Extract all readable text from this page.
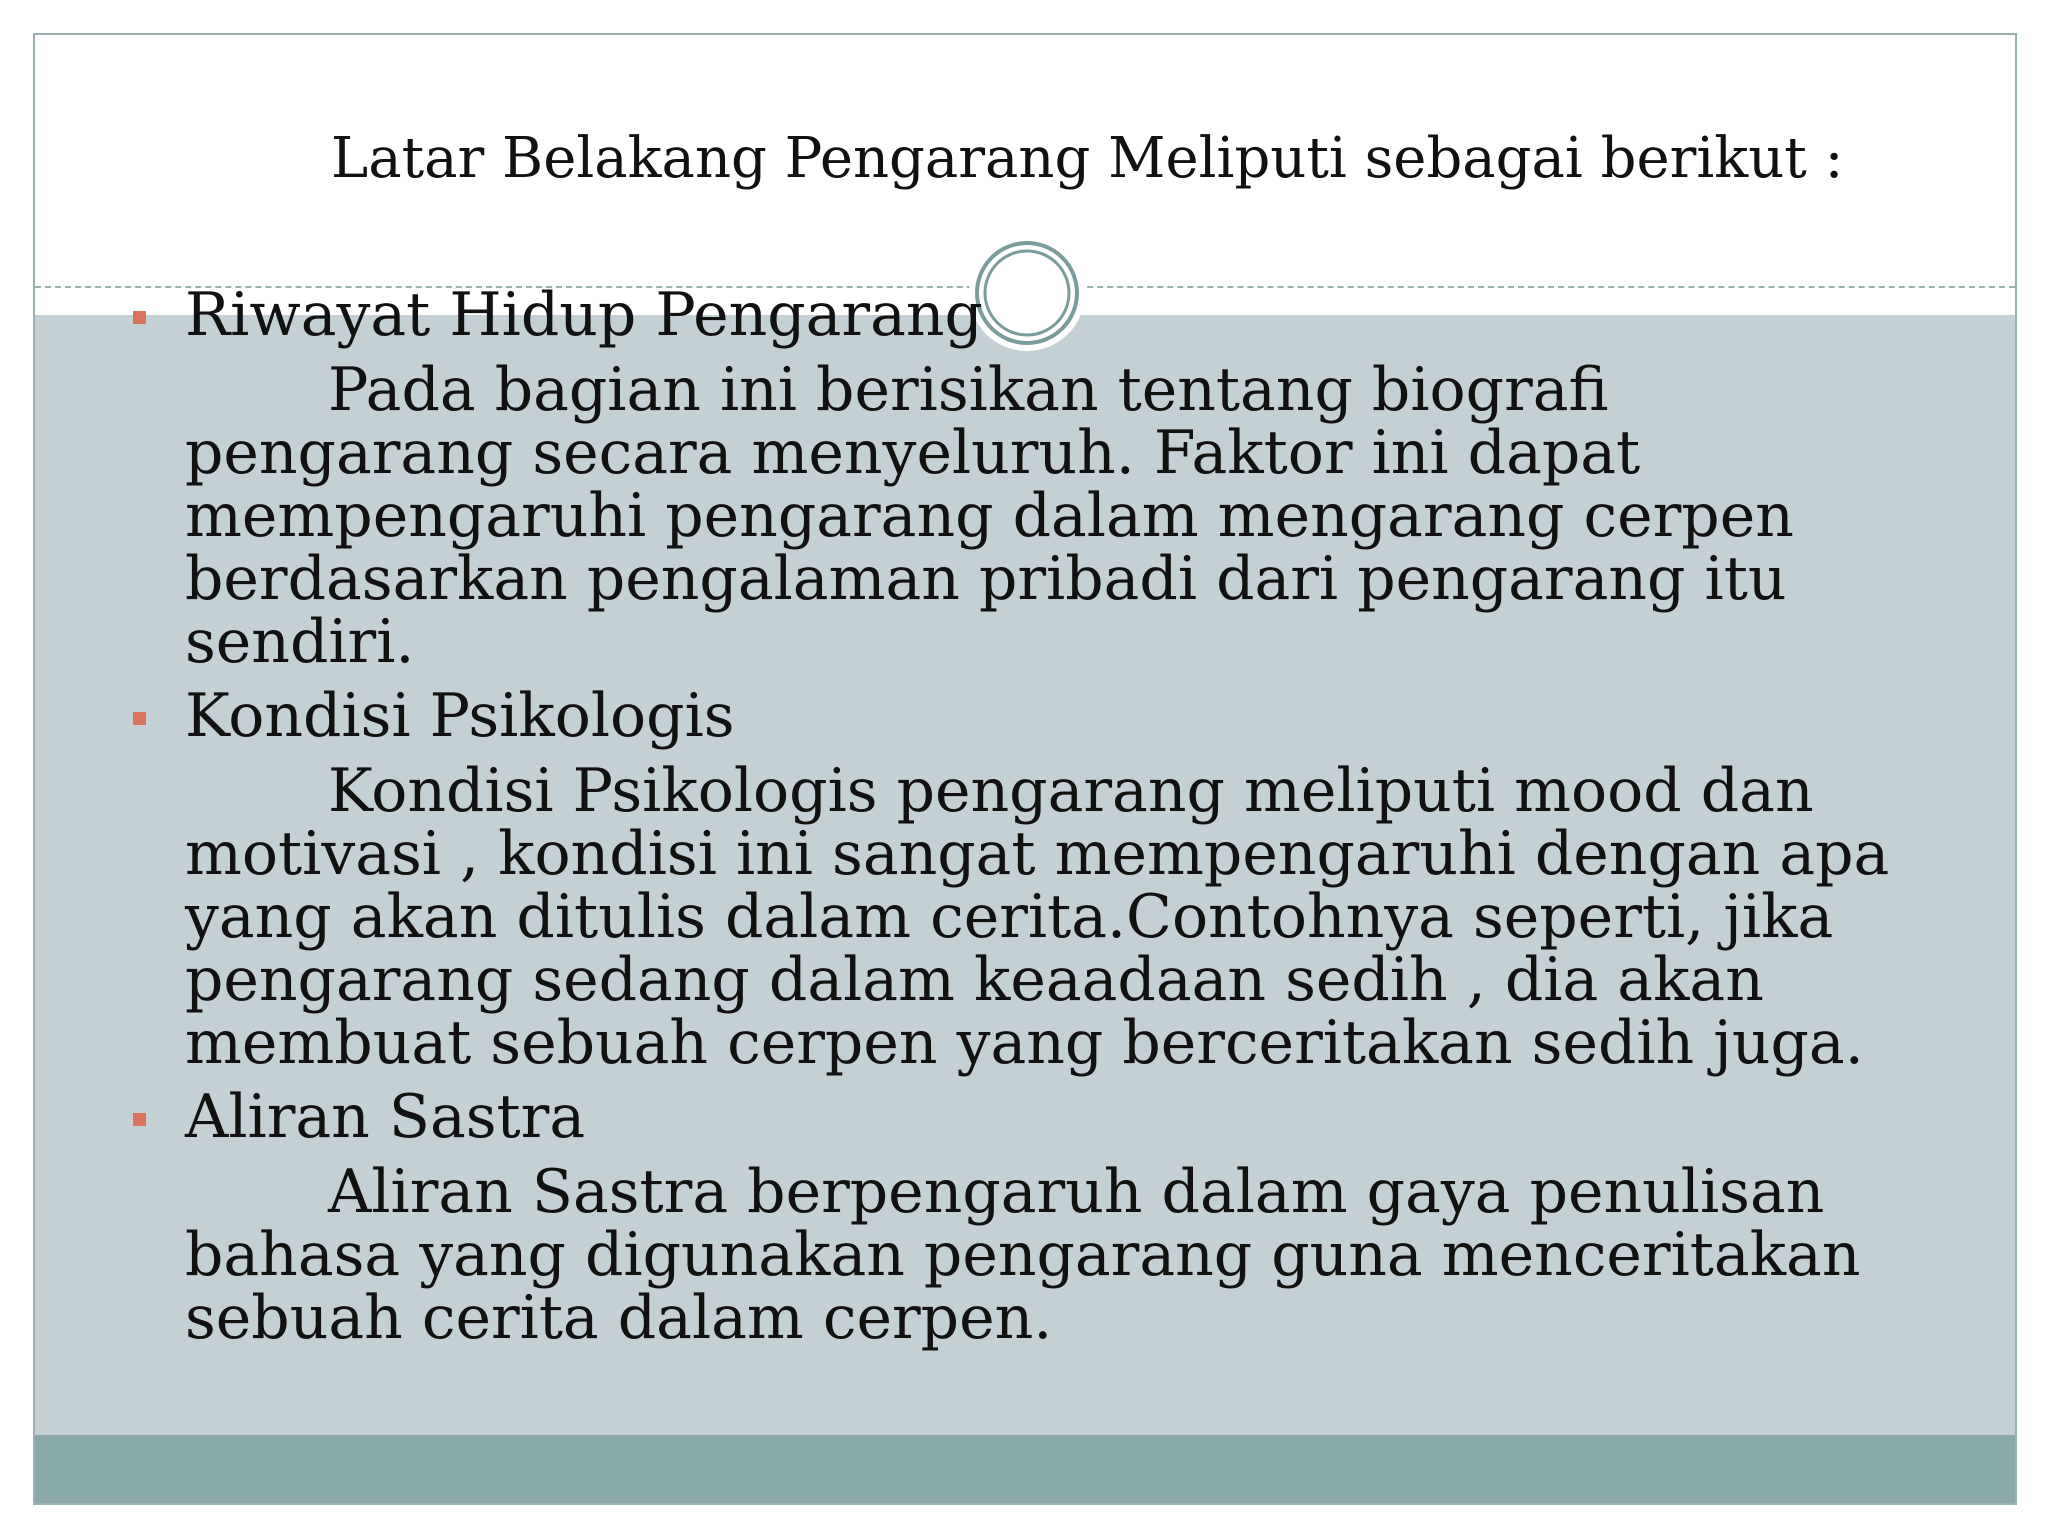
Latar Belakang Pengarang Meliputi sebagai berikut :
Riwayat Hidup Pengarang

Pada bagian ini berisikan tentang biografi pengarang secara menyeluruh. Faktor ini dapat mempengaruhi pengarang dalam mengarang cerpen berdasarkan pengalaman pribadi dari pengarang itu sendiri.

Kondisi Psikologis

Kondisi Psikologis pengarang meliputi mood dan motivasi , kondisi ini sangat mempengaruhi dengan apa yang akan ditulis dalam cerita.Contohnya seperti, jika pengarang sedang dalam keaadaan sedih , dia akan membuat sebuah cerpen yang berceritakan sedih juga.

Aliran Sastra

Aliran Sastra berpengaruh dalam gaya penulisan bahasa yang digunakan pengarang guna menceritakan sebuah cerita dalam cerpen.
